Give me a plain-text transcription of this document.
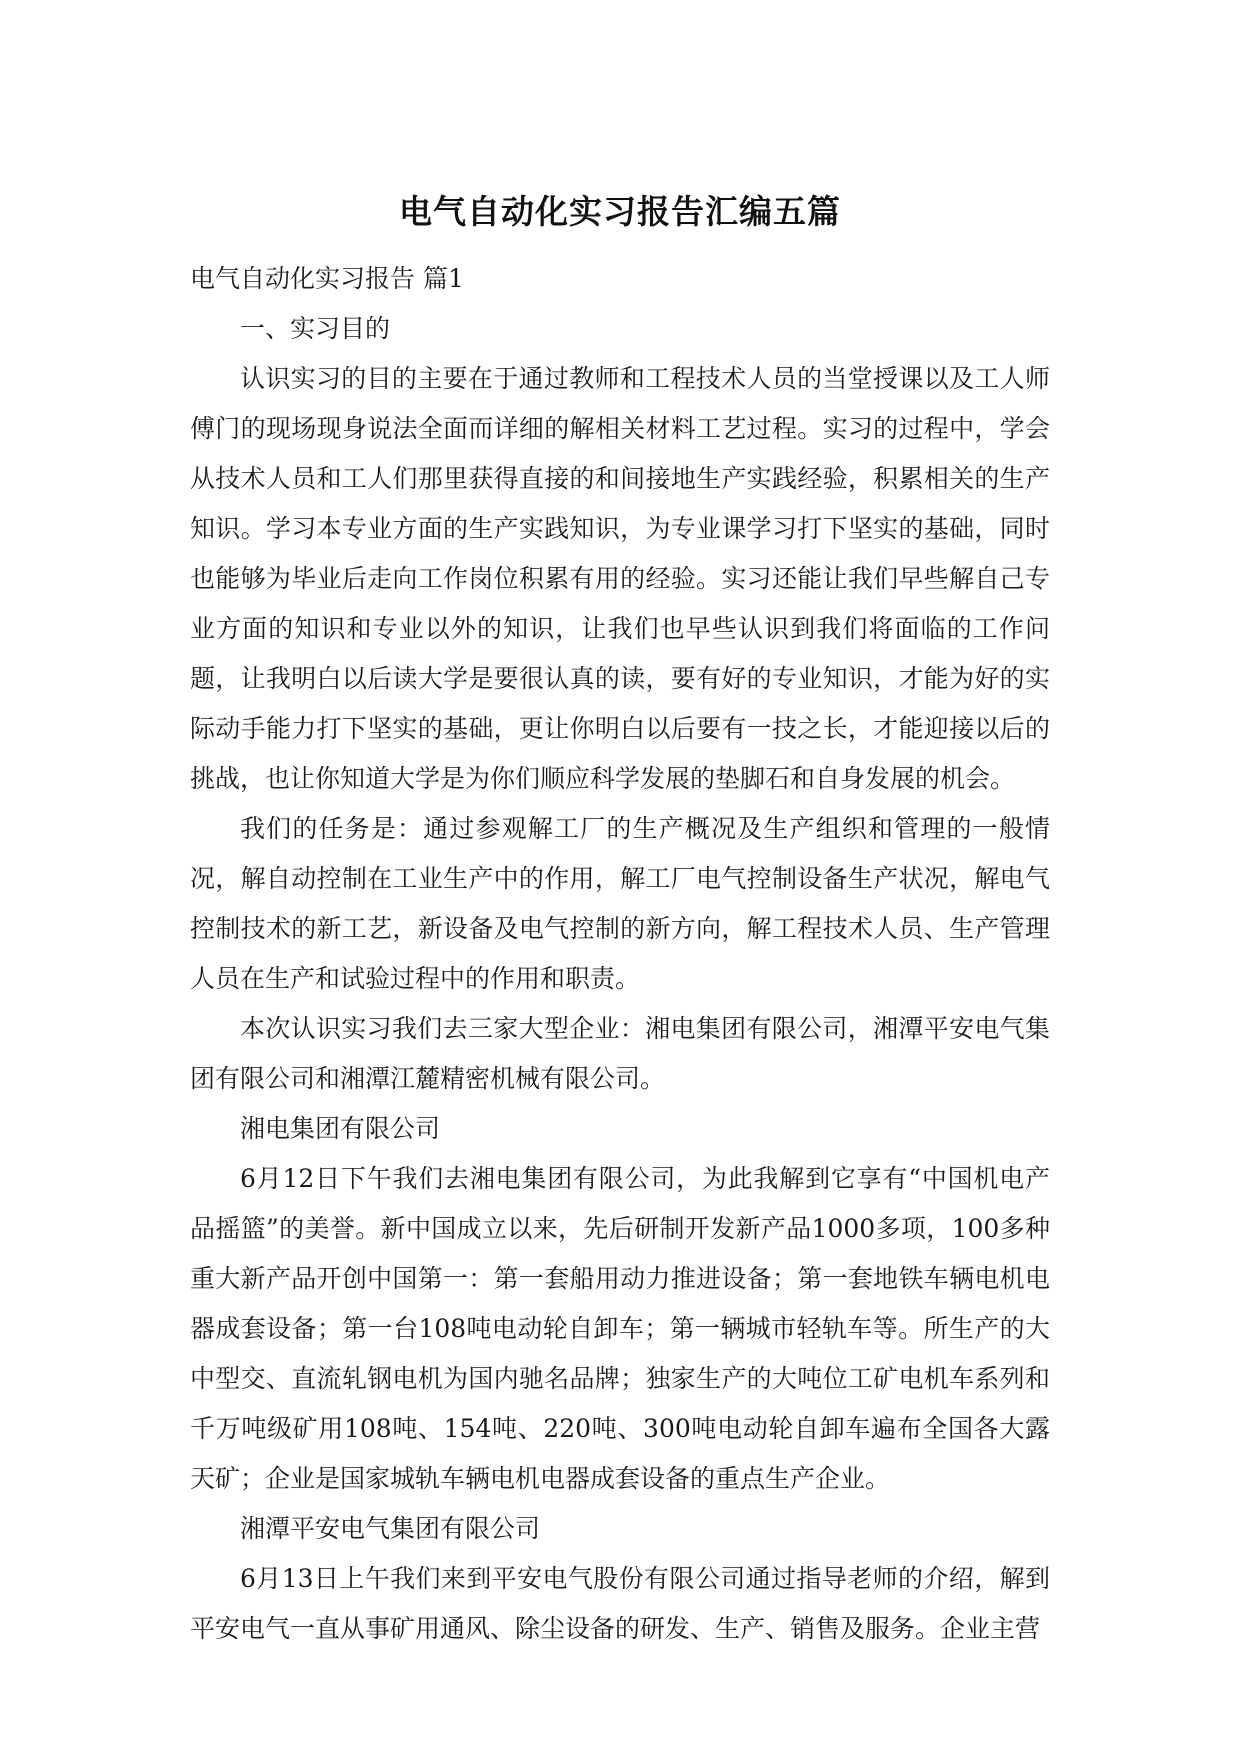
电气自动化实习报告汇编五篇

电气自动化实习报告 篇1

一、实习目的

认识实习的目的主要在于通过教师和工程技术人员的当堂授课以及工人师傅门的现场现身说法全面而详细的解相关材料工艺过程。实习的过程中，学会从技术人员和工人们那里获得直接的和间接地生产实践经验，积累相关的生产知识。学习本专业方面的生产实践知识，为专业课学习打下坚实的基础，同时也能够为毕业后走向工作岗位积累有用的经验。实习还能让我们早些解自己专业方面的知识和专业以外的知识，让我们也早些认识到我们将面临的工作问题，让我明白以后读大学是要很认真的读，要有好的专业知识，才能为好的实际动手能力打下坚实的基础，更让你明白以后要有一技之长，才能迎接以后的挑战，也让你知道大学是为你们顺应科学发展的垫脚石和自身发展的机会。

我们的任务是：通过参观解工厂的生产概况及生产组织和管理的一般情况，解自动控制在工业生产中的作用，解工厂电气控制设备生产状况，解电气控制技术的新工艺，新设备及电气控制的新方向，解工程技术人员、生产管理人员在生产和试验过程中的作用和职责。

本次认识实习我们去三家大型企业：湘电集团有限公司，湘潭平安电气集团有限公司和湘潭江麓精密机械有限公司。

湘电集团有限公司

6月12日下午我们去湘电集团有限公司，为此我解到它享有“中国机电产品摇篮”的美誉。新中国成立以来，先后研制开发新产品1000多项，100多种重大新产品开创中国第一：第一套船用动力推进设备；第一套地铁车辆电机电器成套设备；第一台108吨电动轮自卸车；第一辆城市轻轨车等。所生产的大中型交、直流轧钢电机为国内驰名品牌；独家生产的大吨位工矿电机车系列和千万吨级矿用108吨、154吨、220吨、300吨电动轮自卸车遍布全国各大露天矿；企业是国家城轨车辆电机电器成套设备的重点生产企业。

湘潭平安电气集团有限公司

6月13日上午我们来到平安电气股份有限公司通过指导老师的介绍，解到平安电气一直从事矿用通风、除尘设备的研发、生产、销售及服务。企业主营
